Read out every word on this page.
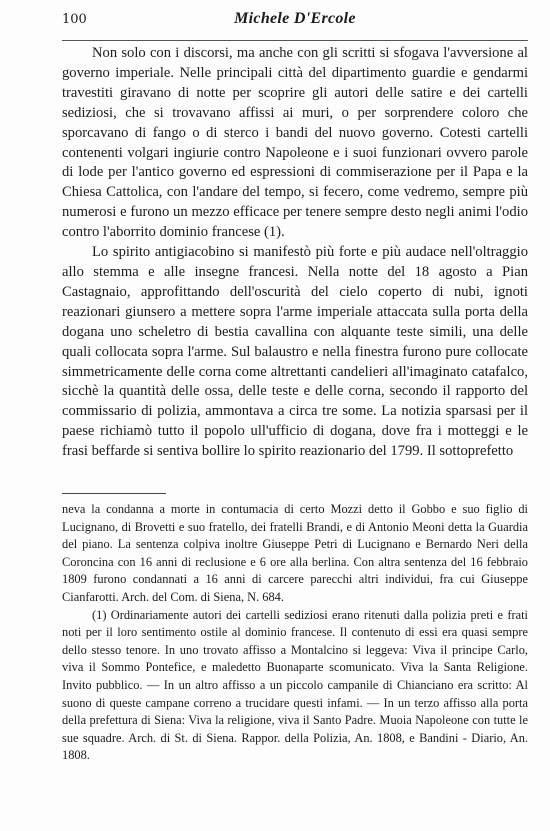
100	Michele D'Ercole

Non solo con i discorsi, ma anche con gli scritti si sfogava l'avversione al governo imperiale. Nelle principali città del dipartimento guardie e gendarmi travestiti giravano di notte per scoprire gli autori delle satire e dei cartelli sediziosi, che si trovavano affissi ai muri, o per sorprendere coloro che sporcavano di fango o di sterco i bandi del nuovo governo. Cotesti cartelli contenenti volgari ingiurie contro Napoleone e i suoi funzionari ovvero parole di lode per l'antico governo ed espressioni di commiserazione per il Papa e la Chiesa Cattolica, con l'andare del tempo, si fecero, come vedremo, sempre più numerosi e furono un mezzo efficace per tenere sempre desto negli animi l'odio contro l'aborrito dominio francese (1).

Lo spirito antigiacobino si manifestò più forte e più audace nell'oltraggio allo stemma e alle insegne francesi. Nella notte del 18 agosto a Pian Castagnaio, approfittando dell'oscurità del cielo coperto di nubi, ignoti reazionari giunsero a mettere sopra l'arme imperiale attaccata sulla porta della dogana uno scheletro di bestia cavallina con alquante teste simili, una delle quali collocata sopra l'arme. Sul balaustro e nella finestra furono pure collocate simmetricamente delle corna come altrettanti candelieri all'imaginato catafalco, sicchè la quantità delle ossa, delle teste e delle corna, secondo il rapporto del commissario di polizia, ammontava a circa tre some. La notizia sparsasi per il paese richiamò tutto il popolo ull'ufficio di dogana, dove fra i motteggi e le frasi beffarde si sentiva bollire lo spirito reazionario del 1799. Il sottoprefetto

neva la condanna a morte in contumacia di certo Mozzi detto il Gobbo e suo figlio di Lucignano, di Brovetti e suo fratello, dei fratelli Brandi, e di Antonio Meoni detta la Guardia del piano. La sentenza colpiva inoltre Giuseppe Petri di Lucignano e Bernardo Neri della Coroncina con 16 anni di reclusione e 6 ore alla berlina. Con altra sentenza del 16 febbraio 1809 furono condannati a 16 anni di carcere parecchi altri individui, fra cui Giuseppe Cianfarotti. Arch. del Com. di Siena, N. 684.

(1) Ordinariamente autori dei cartelli sediziosi erano ritenuti dalla polizia preti e frati noti per il loro sentimento ostile al dominio francese. Il contenuto di essi era quasi sempre dello stesso tenore. In uno trovato affisso a Montalcino si leggeva: Viva il principe Carlo, viva il Sommo Pontefice, e maledetto Buonaparte scomunicato. Viva la Santa Religione. Invito pubblico. — In un altro affisso a un piccolo campanile di Chianciano era scritto: Al suono di queste campane correno a trucidare questi infami. — In un terzo affisso alla porta della prefettura di Siena: Viva la religione, viva il Santo Padre. Muoia Napoleone con tutte le sue squadre. Arch. di St. di Siena. Rappor. della Polizia, An. 1808, e Bandini - Diario, An. 1808.
